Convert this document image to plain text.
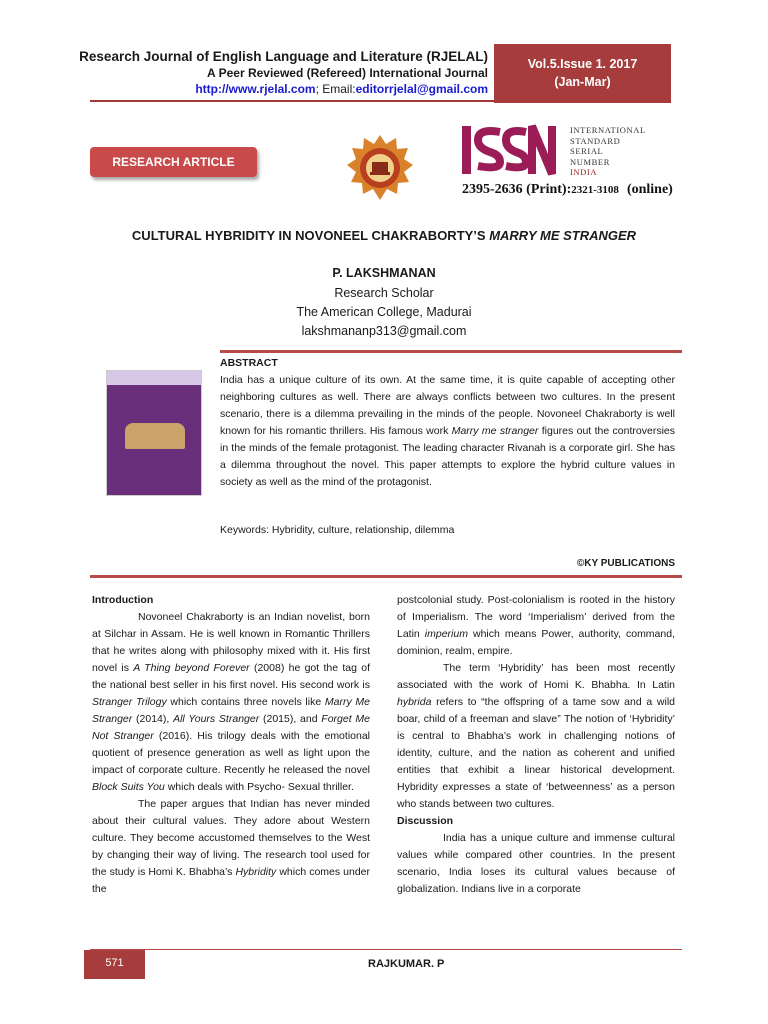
Research Journal of English Language and Literature (RJELAL)
A Peer Reviewed (Refereed) International Journal
http://www.rjelal.com; Email:editorrjelal@gmail.com
Vol.5.Issue 1. 2017
(Jan-Mar)
RESEARCH ARTICLE
INTERNATIONAL
STANDARD
SERIAL
NUMBER
INDIA
2395-2636 (Print):2321-3108 (online)
CULTURAL HYBRIDITY IN NOVONEEL CHAKRABORTY’S MARRY ME STRANGER
P. LAKSHMANAN
Research Scholar
The American College, Madurai
lakshmananp313@gmail.com
ABSTRACT
India has a unique culture of its own. At the same time, it is quite capable of accepting other neighboring cultures as well. There are always conflicts between two cultures. In the present scenario, there is a dilemma prevailing in the minds of the people. Novoneel Chakraborty is well known for his romantic thrillers. His famous work Marry me stranger figures out the controversies in the minds of the female protagonist. The leading character Rivanah is a corporate girl. She has a dilemma throughout the novel. This paper attempts to explore the hybrid culture values in society as well as the mind of the protagonist.
Keywords: Hybridity, culture, relationship, dilemma
©KY PUBLICATIONS
Introduction
Novoneel Chakraborty is an Indian novelist, born at Silchar in Assam. He is well known in Romantic Thrillers that he writes along with philosophy mixed with it. His first novel is A Thing beyond Forever (2008) he got the tag of the national best seller in his first novel. His second work is Stranger Trilogy which contains three novels like Marry Me Stranger (2014), All Yours Stranger (2015), and Forget Me Not Stranger (2016). His trilogy deals with the emotional quotient of presence generation as well as light upon the impact of corporate culture. Recently he released the novel Block Suits You which deals with Psycho- Sexual thriller.
The paper argues that Indian has never minded about their cultural values. They adore about Western culture. They become accustomed themselves to the West by changing their way of living. The research tool used for the study is Homi K. Bhabha’s Hybridity which comes under the
postcolonial study. Post-colonialism is rooted in the history of Imperialism. The word ‘Imperialism’ derived from the Latin imperium which means Power, authority, command, dominion, realm, empire.
The term ‘Hybridity’ has been most recently associated with the work of Homi K. Bhabha. In Latin hybrida refers to “the offspring of a tame sow and a wild boar, child of a freeman and slave” The notion of ‘Hybridity’ is central to Bhabha’s work in challenging notions of identity, culture, and the nation as coherent and unified entities that exhibit a linear historical development. Hybridity expresses a state of ‘betweenness’ as a person who stands between two cultures.
Discussion
India has a unique culture and immense cultural values while compared other countries. In the present scenario, India loses its cultural values because of globalization. Indians live in a corporate
571	RAJKUMAR. P
